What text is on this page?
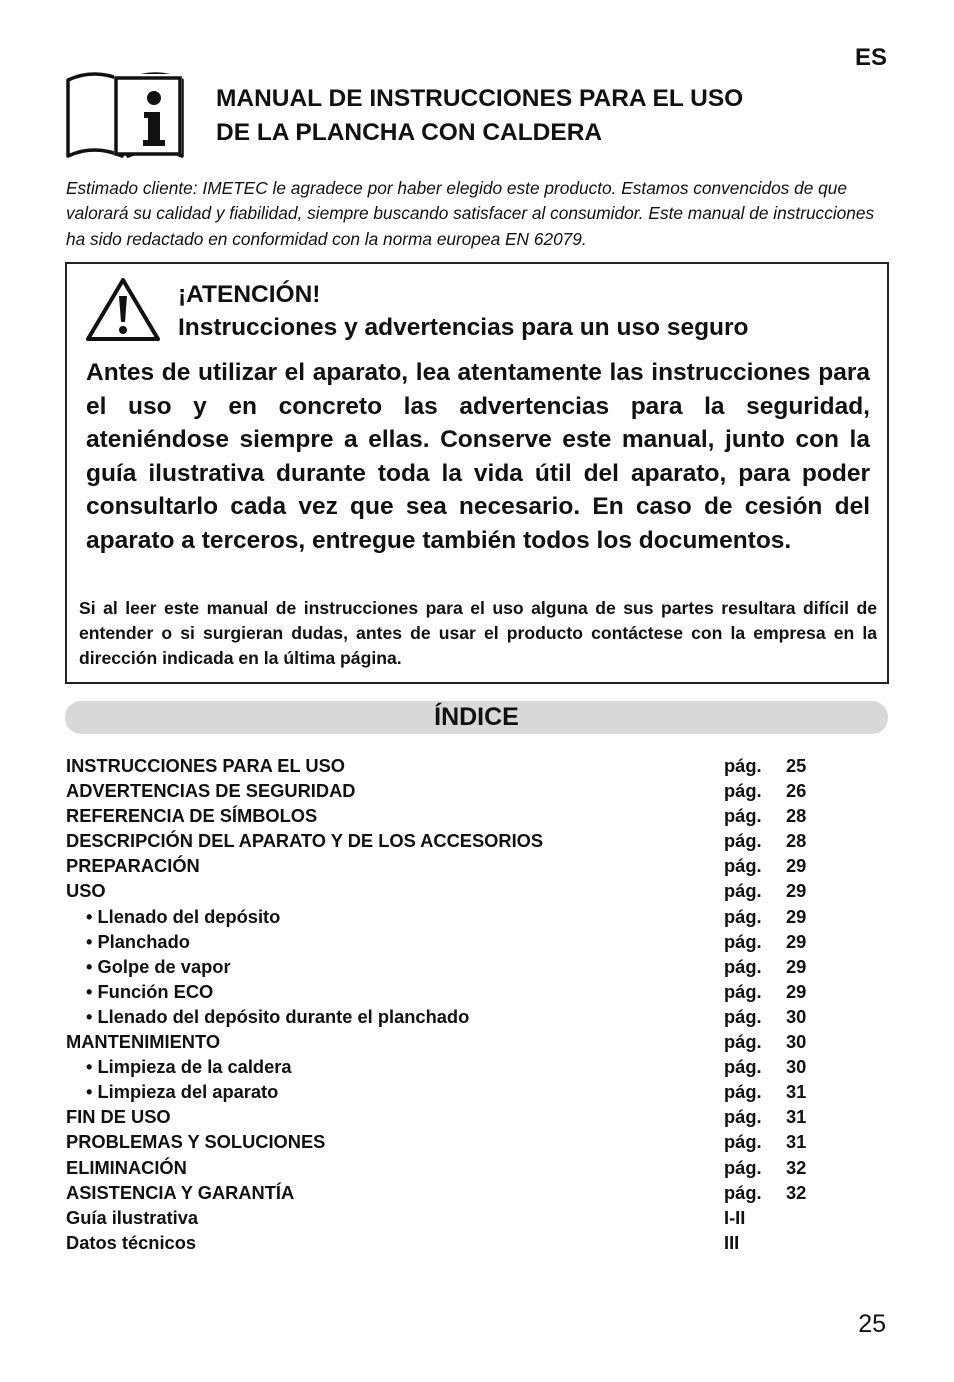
ES
MANUAL DE INSTRUCCIONES PARA EL USO
DE LA PLANCHA CON CALDERA
Estimado cliente: IMETEC le agradece por haber elegido este producto. Estamos convencidos de que valorará su calidad y fiabilidad, siempre buscando satisfacer al consumidor. Este manual de instrucciones ha sido redactado en conformidad con la norma europea EN 62079.
¡ATENCIÓN!
Instrucciones y advertencias para un uso seguro
Antes de utilizar el aparato, lea atentamente las instrucciones para el uso y en concreto las advertencias para la seguridad, ateniéndose siempre a ellas. Conserve este manual, junto con la guía ilustrativa durante toda la vida útil del aparato, para poder consultarlo cada vez que sea necesario. En caso de cesión del aparato a terceros, entregue también todos los documentos.
Si al leer este manual de instrucciones para el uso alguna de sus partes resultara difícil de entender o si surgieran dudas, antes de usar el producto contáctese con la empresa en la dirección indicada en la última página.
ÍNDICE
INSTRUCCIONES PARA EL USO	pág. 25
ADVERTENCIAS DE SEGURIDAD	pág. 26
REFERENCIA DE SÍMBOLOS	pág. 28
DESCRIPCIÓN DEL APARATO Y DE LOS ACCESORIOS	pág. 28
PREPARACIÓN	pág. 29
USO	pág. 29
• Llenado del depósito	pág. 29
• Planchado	pág. 29
• Golpe de vapor	pág. 29
• Función ECO	pág. 29
• Llenado del depósito durante el planchado	pág. 30
MANTENIMIENTO	pág. 30
• Limpieza de la caldera	pág. 30
• Limpieza del aparato	pág. 31
FIN DE USO	pág. 31
PROBLEMAS Y SOLUCIONES	pág. 31
ELIMINACIÓN	pág. 32
ASISTENCIA Y GARANTÍA	pág. 32
Guía ilustrativa	I-II
Datos técnicos	III
25
